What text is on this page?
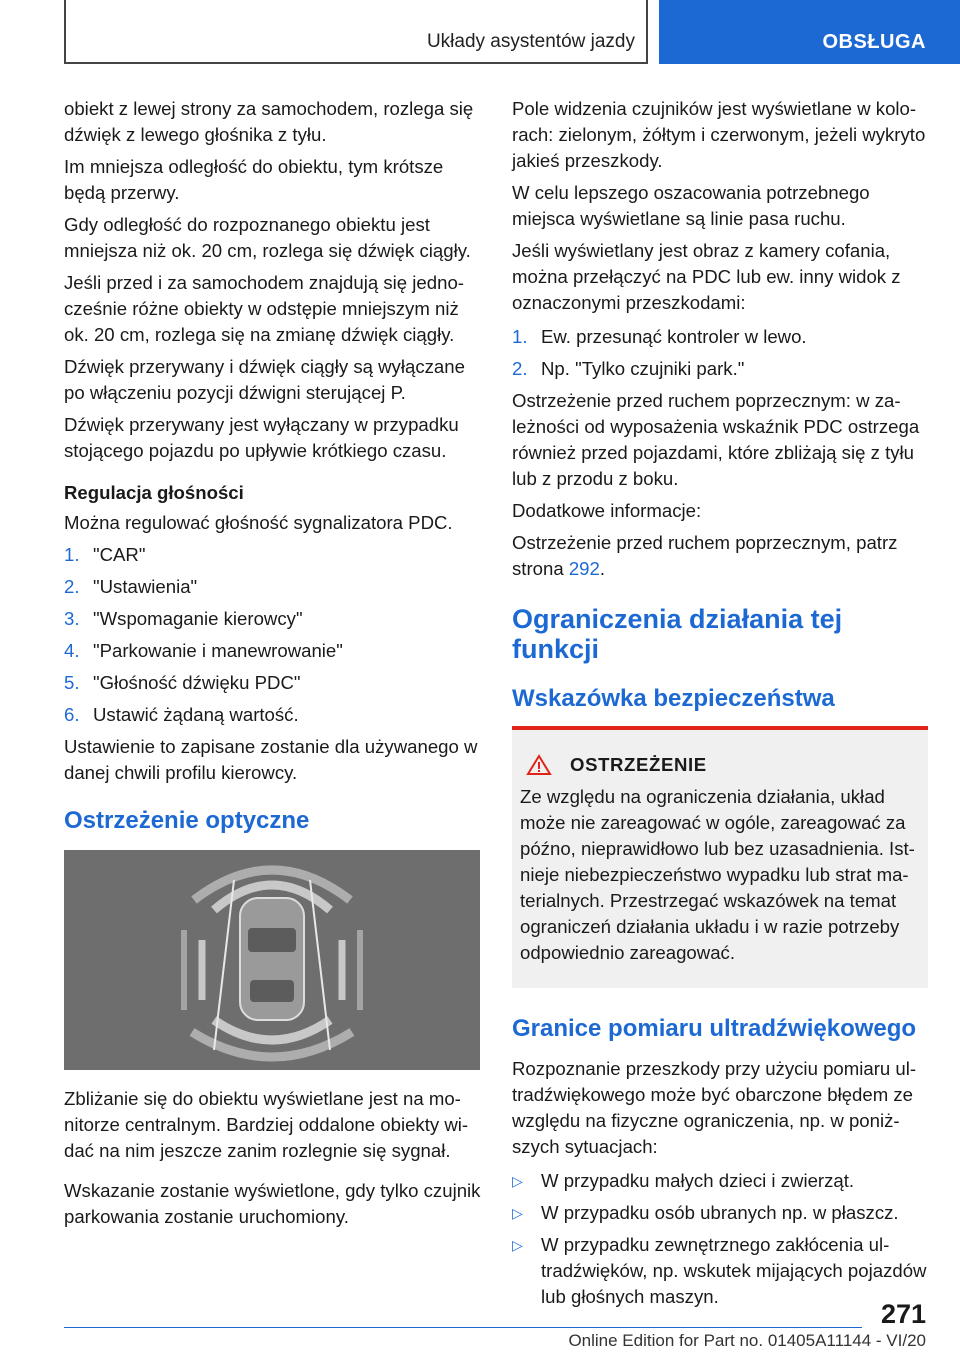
Układy asystentów jazdy	OBSŁUGA

obiekt z lewej strony za samochodem, rozlega się dźwięk z lewego głośnika z tyłu.

Im mniejsza odległość do obiektu, tym krótsze będą przerwy.

Gdy odległość do rozpoznanego obiektu jest mniejsza niż ok. 20 cm, rozlega się dźwięk ciągły.

Jeśli przed i za samochodem znajdują się jednocześnie różne obiekty w odstępie mniejszym niż ok. 20 cm, rozlega się na zmianę dźwięk ciągły.

Dźwięk przerywany i dźwięk ciągły są wyłączane po włączeniu pozycji dźwigni sterującej P.

Dźwięk przerywany jest wyłączany w przypadku stojącego pojazdu po upływie krótkiego czasu.

Regulacja głośności

Można regulować głośność sygnalizatora PDC.

1. "CAR"
2. "Ustawienia"
3. "Wspomaganie kierowcy"
4. "Parkowanie i manewrowanie"
5. "Głośność dźwięku PDC"
6. Ustawić żądaną wartość.

Ustawienie to zapisane zostanie dla używanego w danej chwili profilu kierowcy.

Ostrzeżenie optyczne

Zbliżanie się do obiektu wyświetlane jest na monitorze centralnym. Bardziej oddalone obiekty widać na nim jeszcze zanim rozlegnie się sygnał.

Wskazanie zostanie wyświetlone, gdy tylko czujnik parkowania zostanie uruchomiony.

Pole widzenia czujników jest wyświetlane w kolorach: zielonym, żółtym i czerwonym, jeżeli wykryto jakieś przeszkody.

W celu lepszego oszacowania potrzebnego miejsca wyświetlane są linie pasa ruchu.

Jeśli wyświetlany jest obraz z kamery cofania, można przełączyć na PDC lub ew. inny widok z oznaczonymi przeszkodami:

1. Ew. przesunąć kontroler w lewo.
2. Np. "Tylko czujniki park."

Ostrzeżenie przed ruchem poprzecznym: w zależności od wyposażenia wskaźnik PDC ostrzega również przed pojazdami, które zbliżają się z tyłu lub z przodu z boku.

Dodatkowe informacje:

Ostrzeżenie przed ruchem poprzecznym, patrz strona 292.

Ograniczenia działania tej funkcji
Wskazówka bezpieczeństwa
OSTRZEŻENIE

Ze względu na ograniczenia działania, układ może nie zareagować w ogóle, zareagować za późno, nieprawidłowo lub bez uzasadnienia. Istnieje niebezpieczeństwo wypadku lub strat materialnych. Przestrzegać wskazówek na temat ograniczeń działania układu i w razie potrzeby odpowiednio zareagować.

Granice pomiaru ultradźwiękowego

Rozpoznanie przeszkody przy użyciu pomiaru ultradźwiękowego może być obarczone błędem ze względu na fizyczne ograniczenia, np. w poniższych sytuacjach:

▷ W przypadku małych dzieci i zwierząt.
▷ W przypadku osób ubranych np. w płaszcz.
▷ W przypadku zewnętrznego zakłócenia ultradźwięków, np. wskutek mijających pojazdów lub głośnych maszyn.
271
Online Edition for Part no. 01405A11144 - VI/20
